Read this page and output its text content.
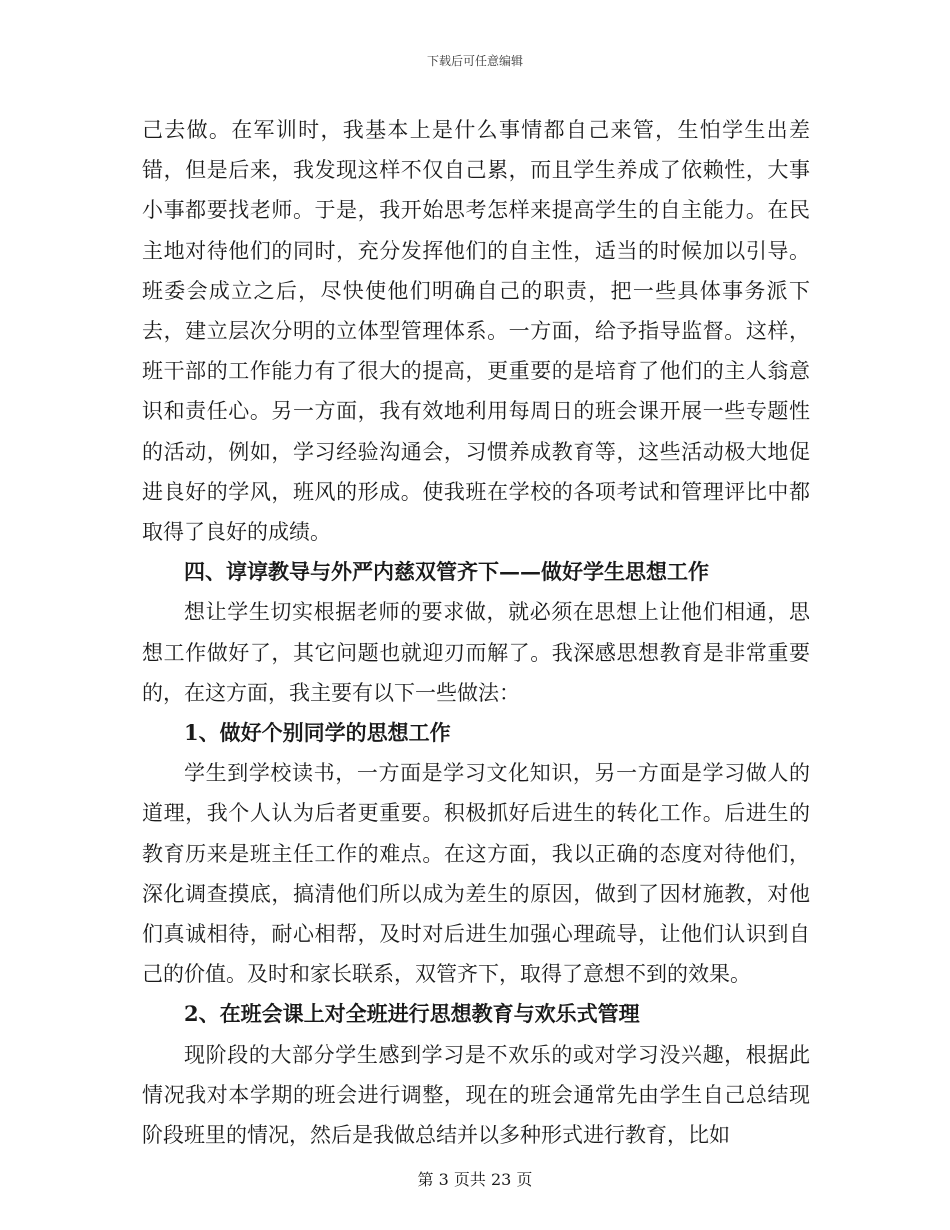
下载后可任意编辑

己去做。在军训时，我基本上是什么事情都自己来管，生怕学生出差错，但是后来，我发现这样不仅自己累，而且学生养成了依赖性，大事小事都要找老师。于是，我开始思考怎样来提高学生的自主能力。在民主地对待他们的同时，充分发挥他们的自主性，适当的时候加以引导。班委会成立之后，尽快使他们明确自己的职责，把一些具体事务派下去，建立层次分明的立体型管理体系。一方面，给予指导监督。这样，班干部的工作能力有了很大的提高，更重要的是培育了他们的主人翁意识和责任心。另一方面，我有效地利用每周日的班会课开展一些专题性的活动，例如，学习经验沟通会，习惯养成教育等，这些活动极大地促进良好的学风，班风的形成。使我班在学校的各项考试和管理评比中都取得了良好的成绩。

四、谆谆教导与外严内慈双管齐下——做好学生思想工作

想让学生切实根据老师的要求做，就必须在思想上让他们相通，思想工作做好了，其它问题也就迎刃而解了。我深感思想教育是非常重要的，在这方面，我主要有以下一些做法：

1、做好个别同学的思想工作

学生到学校读书，一方面是学习文化知识，另一方面是学习做人的道理，我个人认为后者更重要。积极抓好后进生的转化工作。后进生的教育历来是班主任工作的难点。在这方面，我以正确的态度对待他们，深化调查摸底，搞清他们所以成为差生的原因，做到了因材施教，对他们真诚相待，耐心相帮，及时对后进生加强心理疏导，让他们认识到自己的价值。及时和家长联系，双管齐下，取得了意想不到的效果。

2、在班会课上对全班进行思想教育与欢乐式管理

现阶段的大部分学生感到学习是不欢乐的或对学习没兴趣，根据此情况我对本学期的班会进行调整，现在的班会通常先由学生自己总结现阶段班里的情况，然后是我做总结并以多种形式进行教育，比如

第 3 页共 23 页
